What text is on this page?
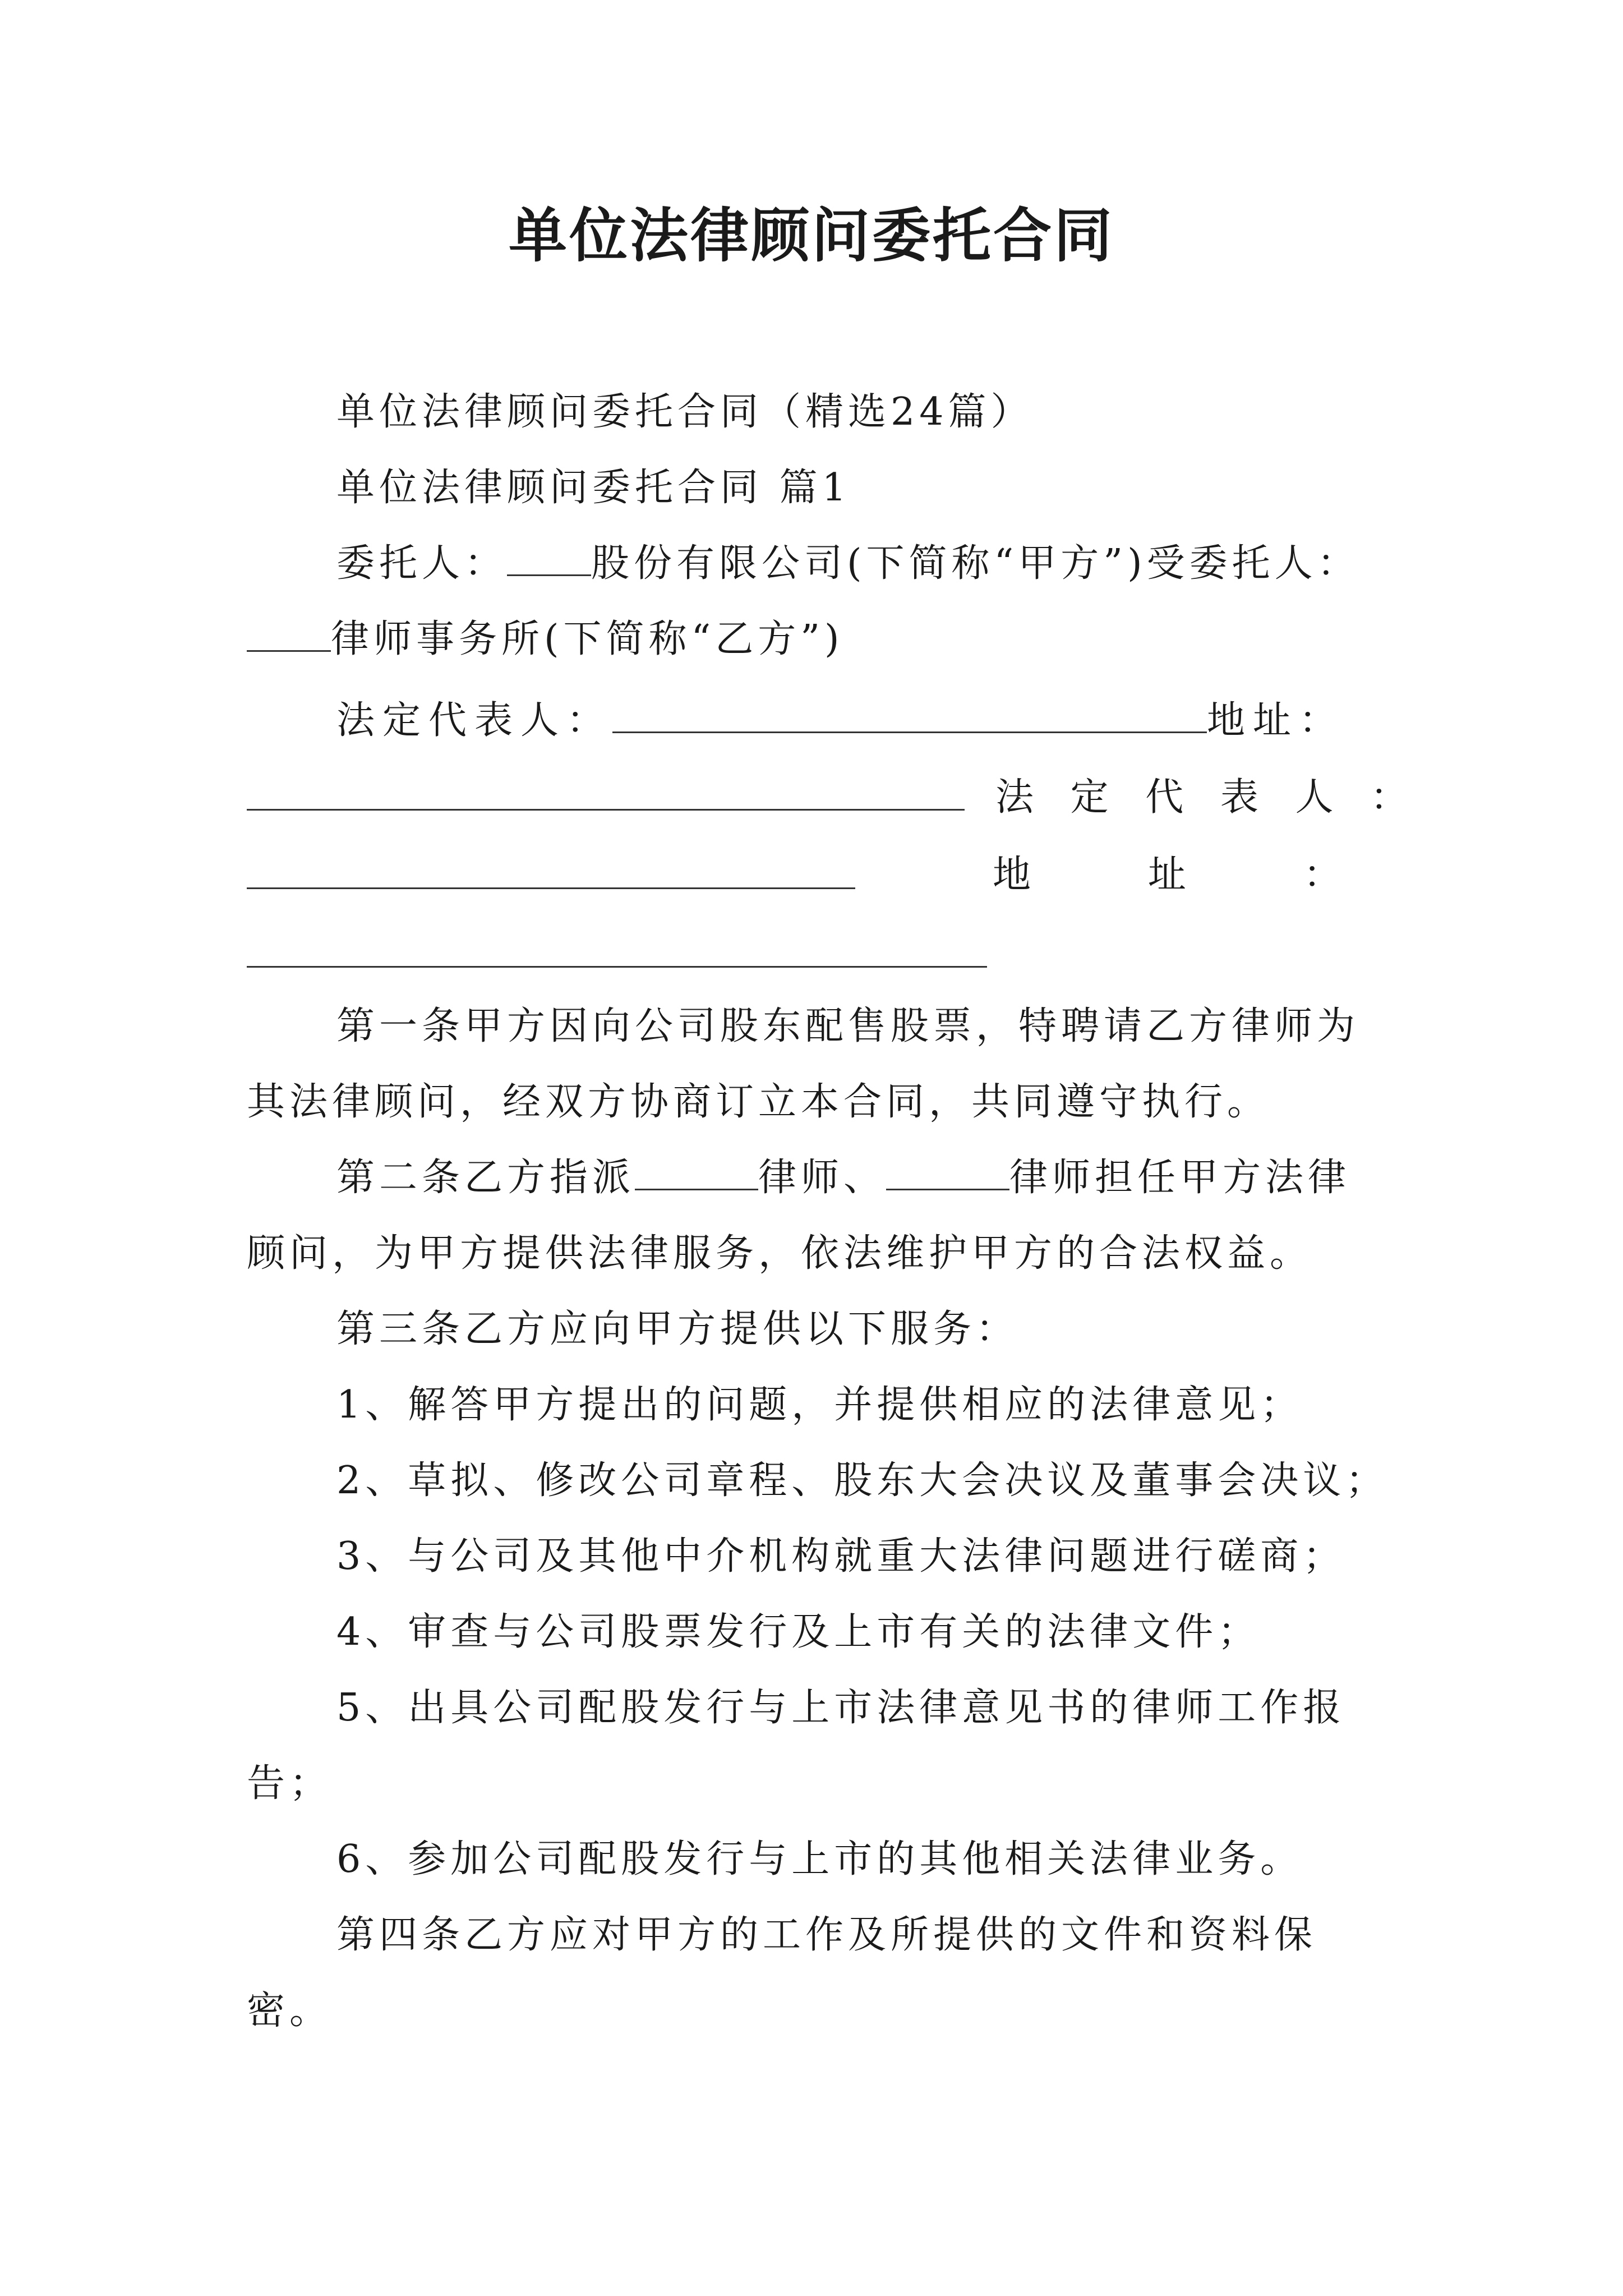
单位法律顾问委托合同
单位法律顾问委托合同（精选24篇）
单位法律顾问委托合同 篇1
委托人： 股份有限公司(下简称“甲方”)受委托人：
律师事务所(下简称“乙方”)
法定代表人：	地址：
法 定 代 表 人 ：
地        址        ：
第一条甲方因向公司股东配售股票，特聘请乙方律师为
其法律顾问，经双方协商订立本合同，共同遵守执行。
第二条乙方指派	律师、	律师担任甲方法律
顾问，为甲方提供法律服务，依法维护甲方的合法权益。
第三条乙方应向甲方提供以下服务：
1、解答甲方提出的问题，并提供相应的法律意见；
2、草拟、修改公司章程、股东大会决议及董事会决议；
3、与公司及其他中介机构就重大法律问题进行磋商；
4、审查与公司股票发行及上市有关的法律文件；
5、出具公司配股发行与上市法律意见书的律师工作报
告；
6、参加公司配股发行与上市的其他相关法律业务。
第四条乙方应对甲方的工作及所提供的文件和资料保
密。
